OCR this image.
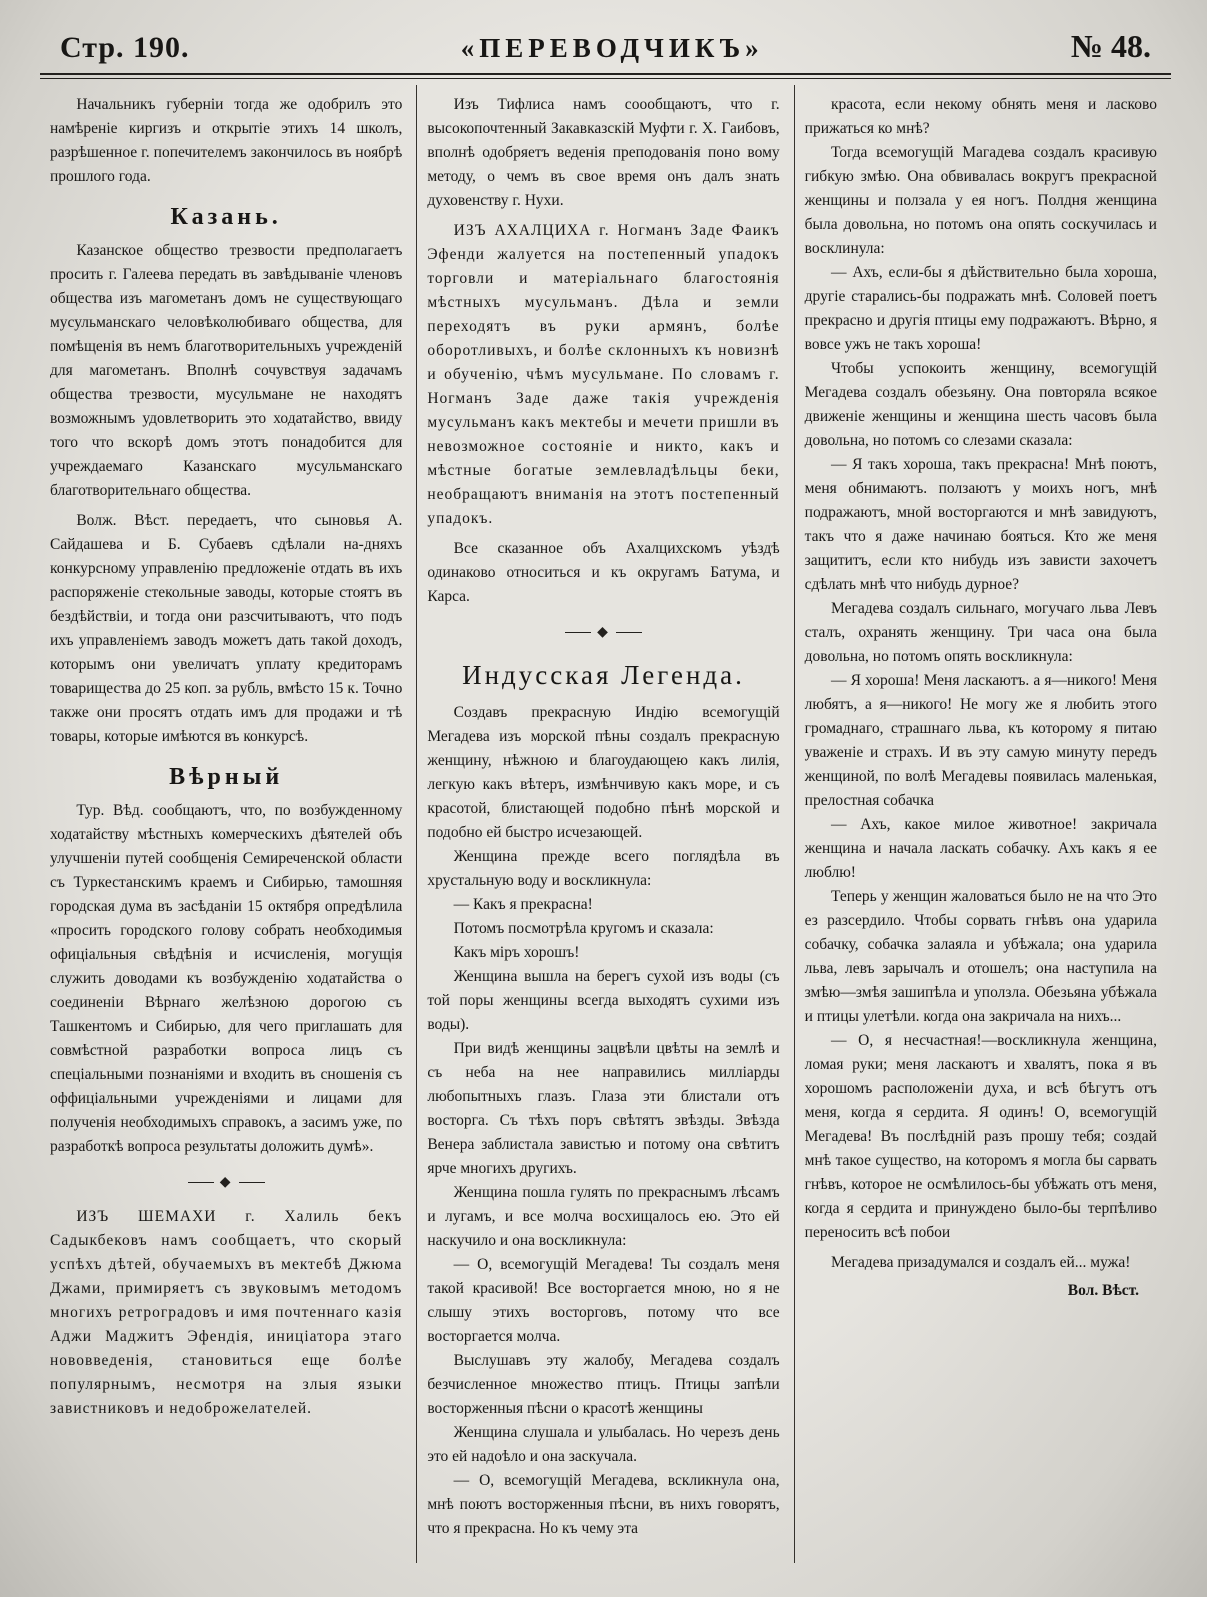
Стр. 190.	«ПЕРЕВОДЧИКЪ»	№ 48.

Начальникъ губерніи тогда же одобрилъ это намѣреніе киргизъ и открытіе этихъ 14 школъ, разрѣшенное г. попечителемъ закончилось въ ноябрѣ прошлого года.

Казань.

Казанское общество трезвости предполагаетъ просить г. Галеева передать въ завѣдываніе членовъ общества изъ магометанъ домъ не существующаго мусульманскаго человѣколюбиваго общества, для помѣщенія въ немъ благотворительныхъ учрежденій для магометанъ. Вполнѣ сочувствуя задачамъ общества трезвости, мусульмане не находятъ возможнымъ удовлетворить это ходатайство, ввиду того что вскорѣ домъ этотъ понадобится для учреждаемаго Казанскаго мусульманскаго благотворительнаго общества.

Волж. Вѣст. передаетъ, что сыновья А. Сайдашева и Б. Субаевъ сдѣлали на-дняхъ конкурсному управленію предложеніе отдать въ ихъ распоряженіе стекольные заводы, которые стоятъ въ бездѣйствіи, и тогда они разсчитываютъ, что подъ ихъ управленіемъ заводъ можетъ дать такой доходъ, которымъ они увеличатъ уплату кредиторамъ товарищества до 25 коп. за рубль, вмѣсто 15 к. Точно также они просятъ отдать имъ для продажи и тѣ товары, которые имѣются въ конкурсѣ.

Вѣрный

Тур. Вѣд. сообщаютъ, что, по возбужденному ходатайству мѣстныхъ комерческихъ дѣятелей объ улучшеніи путей сообщенія Семиреченской области съ Туркестанскимъ краемъ и Сибирью, тамошняя городская дума въ засѣданіи 15 октября опредѣлила «просить городского голову собрать необходимыя офиціальныя свѣдѣнія и исчисленія, могущія служить доводами къ возбужденію ходатайства о соединеніи Вѣрнаго желѣзною дорогою съ Ташкентомъ и Сибирью, для чего приглашать для совмѣстной разработки вопроса лицъ съ спеціальными познаніями и входить въ сношенія съ оффиціальными учрежденіями и лицами для полученія необходимыхъ справокъ, а засимъ уже, по разработкѣ вопроса результаты доложить думѣ».

◆

ИЗЪ ШЕМАХИ г. Халиль бекъ Садыкбековъ намъ сообщаетъ, что скорый успѣхъ дѣтей, обучаемыхъ въ мектебѣ Джюма Джами, примиряетъ съ звуковымъ методомъ многихъ ретроградовъ и имя почтеннаго казія Аджи Маджитъ Эфендія, иниціатора этаго нововведенія, становиться еще болѣе популярнымъ, несмотря на злыя языки завистниковъ и недоброжелателей.

Изъ Тифлиса намъ соообщаютъ, что г. высокопочтенный Закавказскій Муфти г. Х. Гаибовъ, вполнѣ одобряетъ веденія преподованія поно вому методу, о чемъ въ свое время онъ далъ знать духовенству г. Нухи.

ИЗЪ АХАЛЦИХА г. Ногманъ Заде Фаикъ Эфенди жалуется на постепенный упадокъ торговли и матеріальнаго благостоянія мѣстныхъ мусульманъ. Дѣла и земли переходятъ въ руки армянъ, болѣе оборотливыхъ, и болѣе склонныхъ къ новизнѣ и обученію, чѣмъ мусульмане. По словамъ г. Ногманъ Заде даже такія учрежденія мусульманъ какъ мектебы и мечети пришли въ невозможное состояніе и никто, какъ и мѣстные богатые землевладѣльцы беки, необращаютъ вниманія на этотъ постепенный упадокъ.

Все сказанное объ Ахалцихскомъ уѣздѣ одинаково относиться и къ округамъ Батума, и Карса.

◆
Индусская Легенда.

Создавъ прекрасную Индію всемогущій Мегадева изъ морской пѣны создалъ прекрасную женщину, нѣжною и благоудающею какъ лилія, легкую какъ вѣтеръ, измѣнчивую какъ море, и съ красотой, блистающей подобно пѣнѣ морской и подобно ей быстро исчезающей.

Женщина прежде всего поглядѣла въ хрустальную воду и воскликнула:

— Какъ я прекрасна!

Потомъ посмотрѣла кругомъ и сказала:

Какъ міръ хорошъ!

Женщина вышла на берегъ сухой изъ воды (съ той поры женщины всегда выходятъ сухими изъ воды).

При видѣ женщины зацвѣли цвѣты на землѣ и съ неба на нее направились милліарды любопытныхъ глазъ. Глаза эти блистали отъ восторга. Съ тѣхъ поръ свѣтятъ звѣзды. Звѣзда Венера заблистала завистью и потому она свѣтитъ ярче многихъ другихъ.

Женщина пошла гулять по прекраснымъ лѣсамъ и лугамъ, и все молча восхищалось ею. Это ей наскучило и она воскликнула:

— О, всемогущій Мегадева! Ты создалъ меня такой красивой! Все восторгается мною, но я не слышу этихъ восторговъ, потому что все восторгается молча.

Выслушавъ эту жалобу, Мегадева создалъ безчисленное множество птицъ. Птицы запѣли восторженныя пѣсни о красотѣ женщины

Женщина слушала и улыбалась. Но черезъ день это ей надоѣло и она заскучала.

— О, всемогущій Мегадева, вскликнула она, мнѣ поютъ восторженныя пѣсни, въ нихъ говорятъ, что я прекрасна. Но къ чему эта

красота, если некому обнять меня и ласково прижаться ко мнѣ?

Тогда всемогущій Магадева создалъ красивую гибкую змѣю. Она обвивалась вокругъ прекрасной женщины и ползала у ея ногъ. Полдня женщина была довольна, но потомъ она опять соскучилась и восклинула:

— Ахъ, если-бы я дѣйствительно была хороша, другіе старались-бы подражать мнѣ. Соловей поетъ прекрасно и другія птицы ему подражаютъ. Вѣрно, я вовсе ужъ не такъ хороша!

Чтобы успокоить женщину, всемогущій Мегадева создалъ обезьяну. Она повторяла всякое движеніе женщины и женщина шесть часовъ была довольна, но потомъ со слезами сказала:

— Я такъ хороша, такъ прекрасна! Мнѣ поютъ, меня обнимаютъ. ползаютъ у моихъ ногъ, мнѣ подражаютъ, мной восторгаются и мнѣ завидуютъ, такъ что я даже начинаю бояться. Кто же меня защититъ, если кто нибудь изъ зависти захочетъ сдѣлать мнѣ что нибудь дурное?

Мегадева создалъ сильнаго, могучаго льва Левъ сталъ, охранять женщину. Три часа она была довольна, но потомъ опять воскликнула:

— Я хороша! Меня ласкаютъ. а я—никого! Меня любятъ, а я—никого! Не могу же я любить этого громаднаго, страшнаго льва, къ которому я питаю уваженіе и страхъ. И въ эту самую минуту передъ женщиной, по волѣ Мегадевы появилась маленькая, прелостная собачка

— Ахъ, какое милое животное! закричала женщина и начала ласкать собачку. Ахъ какъ я ее люблю!

Теперь у женщин жаловаться было не на что Это ез разсердило. Чтобы сорвать гнѣвъ она ударила собачку, собачка залаяла и убѣжала; она ударила льва, левъ зарычалъ и отошелъ; она наступила на змѣю—змѣя зашипѣла и уползла. Обезьяна убѣжала и птицы улетѣли. когда она закричала на нихъ...

— О, я несчастная!—воскликнула женщина, ломая руки; меня ласкаютъ и хвалятъ, пока я въ хорошомъ расположеніи духа, и всѣ бѣгутъ отъ меня, когда я сердита. Я одинъ! О, всемогущій Мегадева! Въ послѣдній разъ прошу тебя; создай мнѣ такое существо, на которомъ я могла бы сарвать гнѣвъ, которое не осмѣлилось-бы убѣжать отъ меня, когда я сердита и принуждено было-бы терпѣливо переносить всѣ побои

Мегадева призадумался и создалъ ей... мужа!

Вол. Вѣст.
